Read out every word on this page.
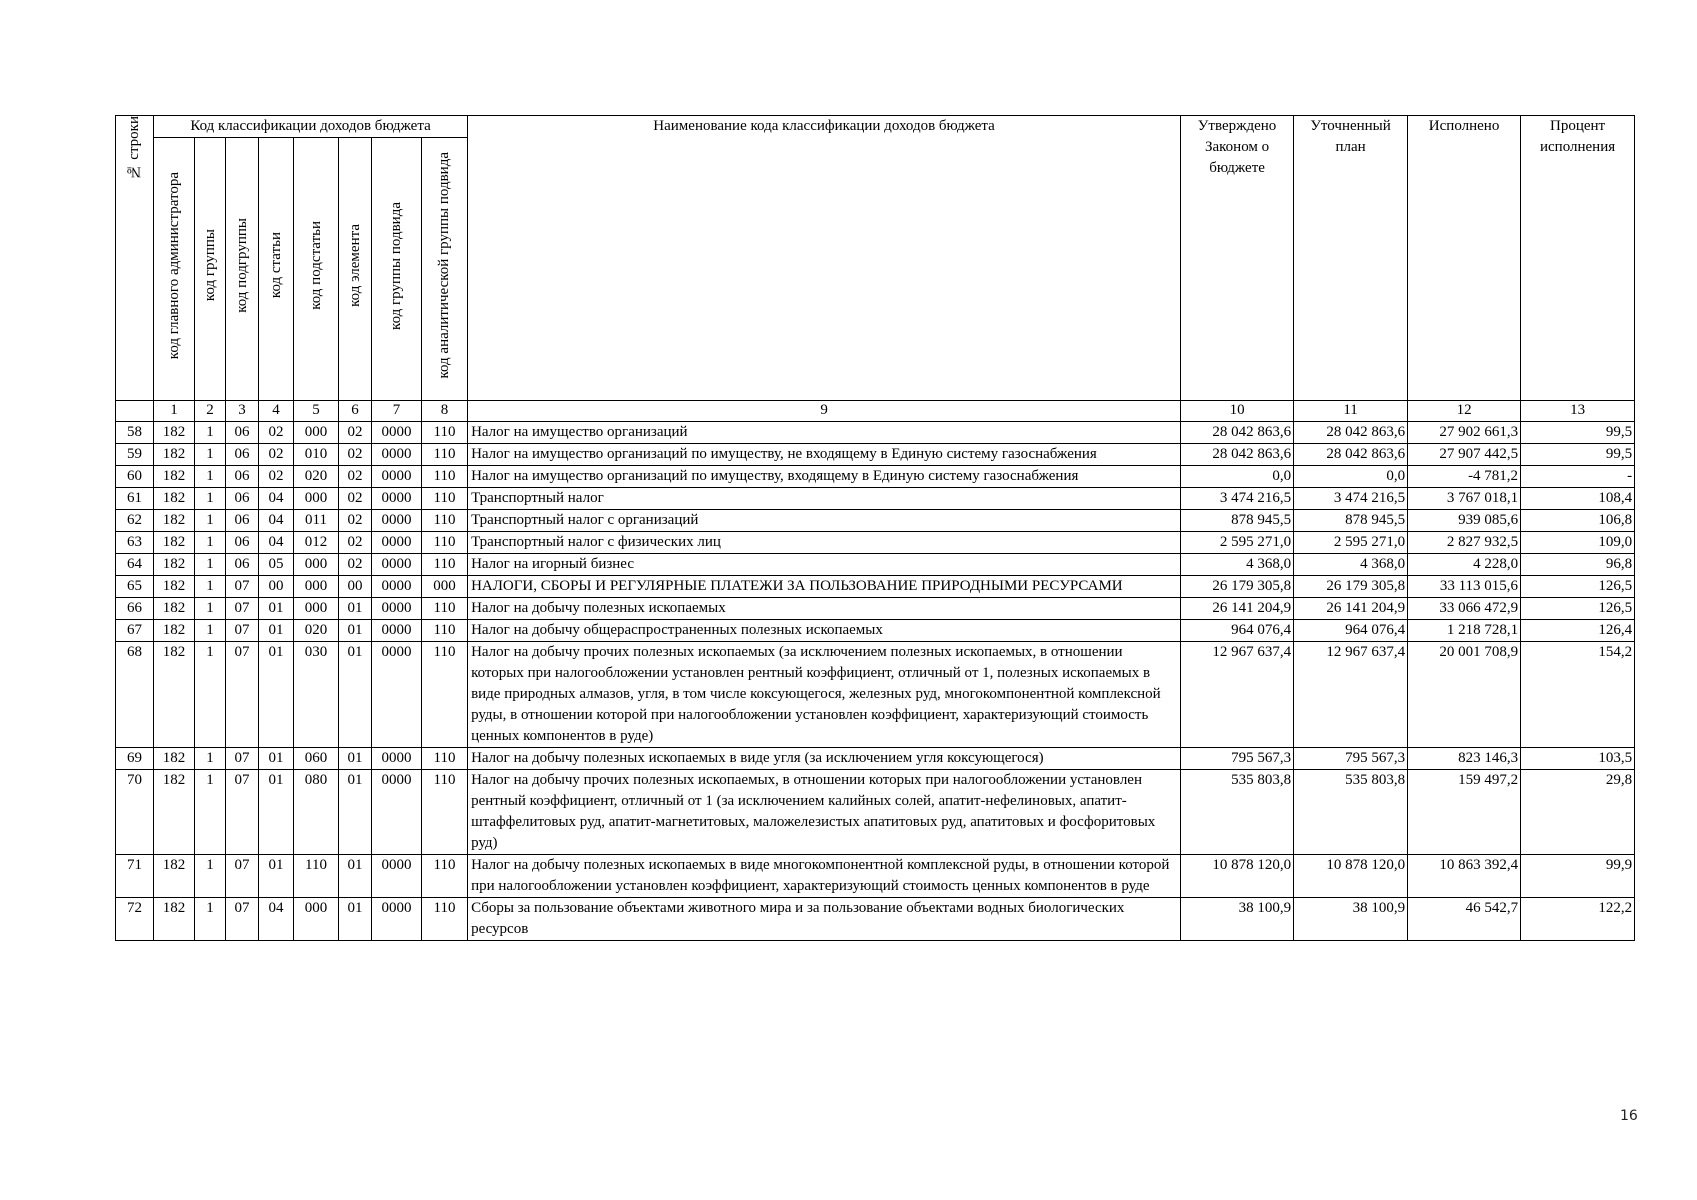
№ строки	Код классификации доходов бюджета								Наименование кода классификации доходов бюджета	Утверждено Законом о бюджете	Уточненный план	Исполнено	Процент исполнения
	код главного администратора	код группы	код подгруппы	код статьи	код подстатьи	код элемента	код группы подвида	код аналитической группы подвида					
	1	2	3	4	5	6	7	8	9	10	11	12	13
58	182	1	06	02	000	02	0000	110	Налог на имущество организаций	28 042 863,6	28 042 863,6	27 902 661,3	99,5
59	182	1	06	02	010	02	0000	110	Налог на имущество организаций по имуществу, не входящему в Единую систему газоснабжения	28 042 863,6	28 042 863,6	27 907 442,5	99,5
60	182	1	06	02	020	02	0000	110	Налог на имущество организаций по имуществу, входящему в Единую систему газоснабжения	0,0	0,0	-4 781,2	-
61	182	1	06	04	000	02	0000	110	Транспортный налог	3 474 216,5	3 474 216,5	3 767 018,1	108,4
62	182	1	06	04	011	02	0000	110	Транспортный налог с организаций	878 945,5	878 945,5	939 085,6	106,8
63	182	1	06	04	012	02	0000	110	Транспортный налог с физических лиц	2 595 271,0	2 595 271,0	2 827 932,5	109,0
64	182	1	06	05	000	02	0000	110	Налог на игорный бизнес	4 368,0	4 368,0	4 228,0	96,8
65	182	1	07	00	000	00	0000	000	НАЛОГИ, СБОРЫ И РЕГУЛЯРНЫЕ ПЛАТЕЖИ ЗА ПОЛЬЗОВАНИЕ ПРИРОДНЫМИ РЕСУРСАМИ	26 179 305,8	26 179 305,8	33 113 015,6	126,5
66	182	1	07	01	000	01	0000	110	Налог на добычу полезных ископаемых	26 141 204,9	26 141 204,9	33 066 472,9	126,5
67	182	1	07	01	020	01	0000	110	Налог на добычу общераспространенных полезных ископаемых	964 076,4	964 076,4	1 218 728,1	126,4
68	182	1	07	01	030	01	0000	110	Налог на добычу прочих полезных ископаемых (за исключением полезных ископаемых, в отношении которых при налогообложении установлен рентный коэффициент, отличный от 1, полезных ископаемых в виде природных алмазов, угля, в том числе коксующегося, железных руд, многокомпонентной комплексной руды, в отношении которой при налогообложении установлен коэффициент, характеризующий стоимость ценных компонентов в руде)	12 967 637,4	12 967 637,4	20 001 708,9	154,2
69	182	1	07	01	060	01	0000	110	Налог на добычу полезных ископаемых в виде угля (за исключением угля коксующегося)	795 567,3	795 567,3	823 146,3	103,5
70	182	1	07	01	080	01	0000	110	Налог на добычу прочих полезных ископаемых, в отношении которых при налогообложении установлен рентный коэффициент, отличный от 1 (за исключением калийных солей, апатит-нефелиновых, апатит-штаффелитовых руд, апатит-магнетитовых, маложелезистых апатитовых руд, апатитовых и фосфоритовых руд)	535 803,8	535 803,8	159 497,2	29,8
71	182	1	07	01	110	01	0000	110	Налог на добычу полезных ископаемых в виде многокомпонентной комплексной руды, в отношении которой при налогообложении установлен коэффициент, характеризующий стоимость ценных компонентов в руде	10 878 120,0	10 878 120,0	10 863 392,4	99,9
72	182	1	07	04	000	01	0000	110	Сборы за пользование объектами животного мира и за пользование объектами водных биологических ресурсов	38 100,9	38 100,9	46 542,7	122,2
16
